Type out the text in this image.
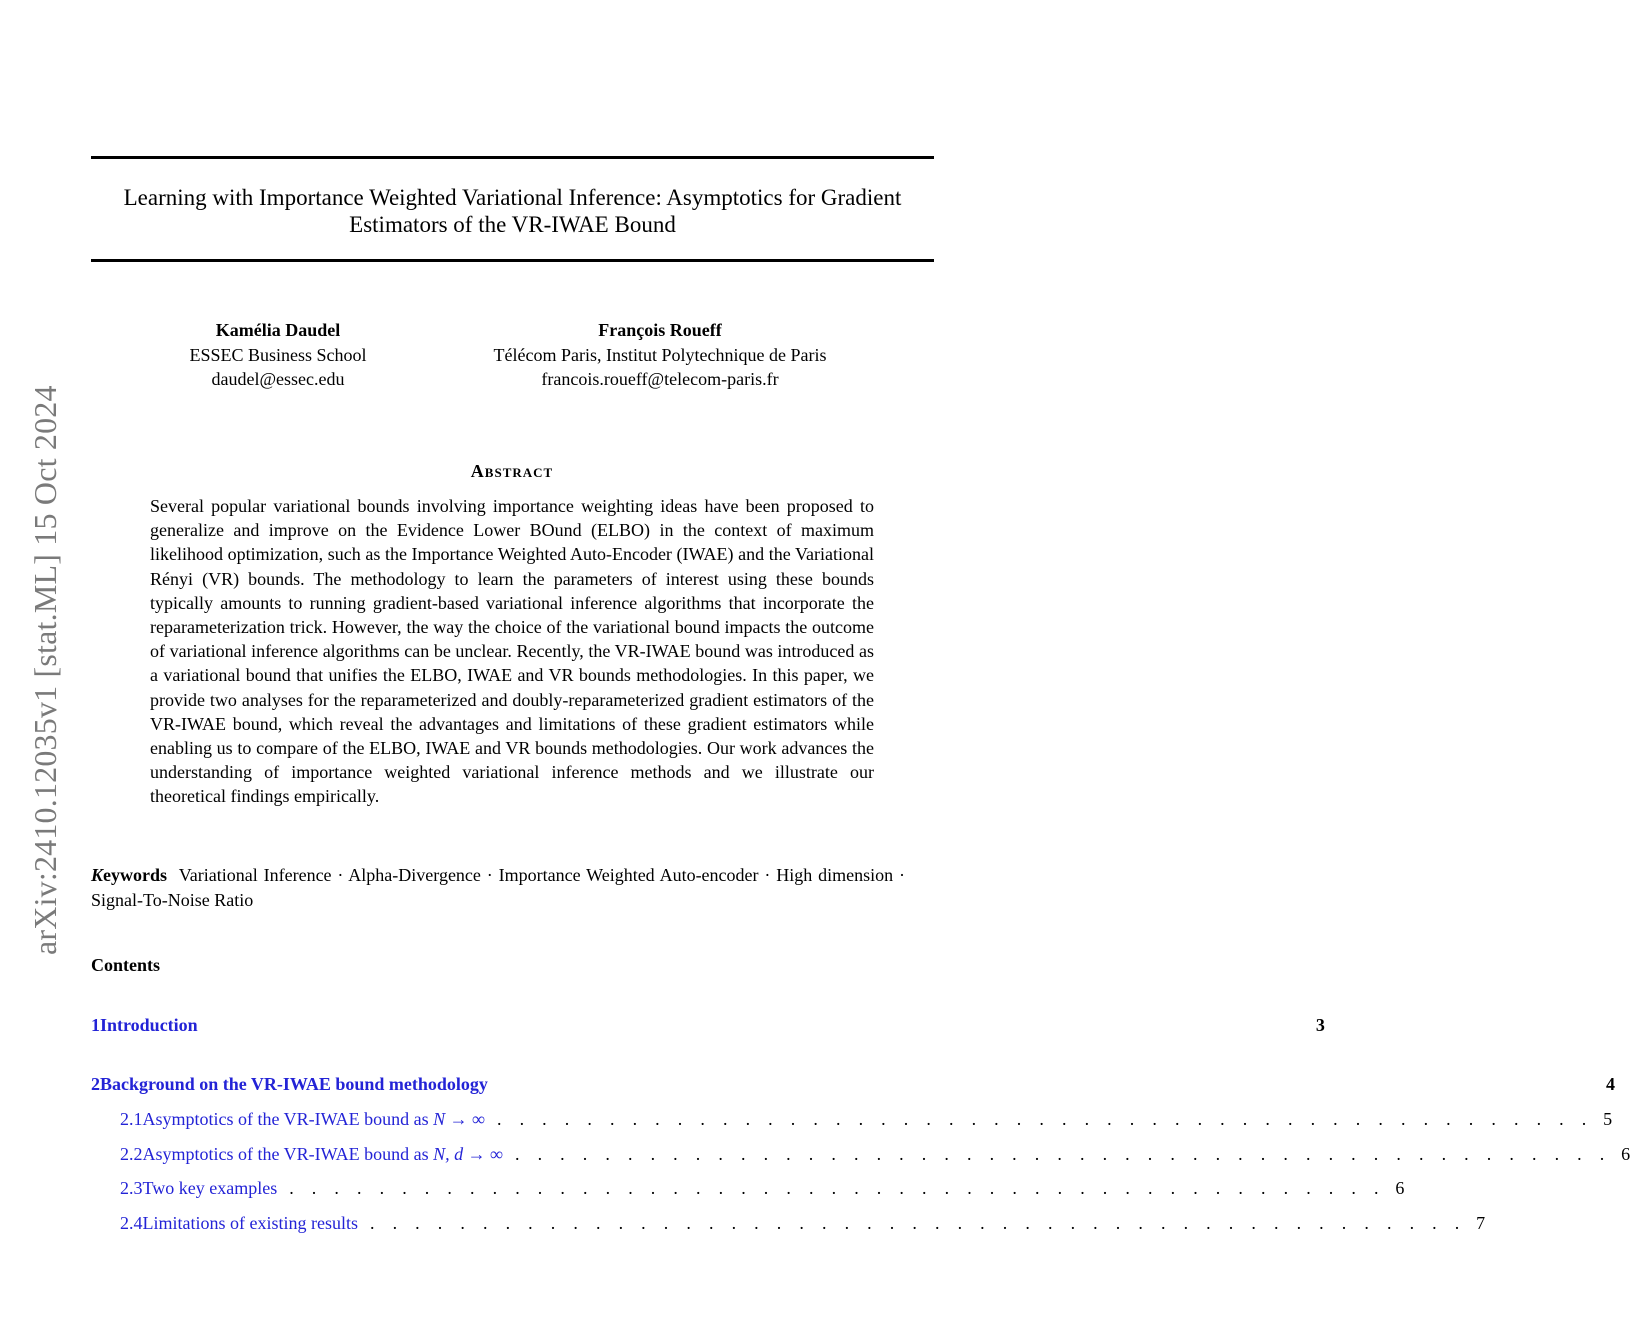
Learning with Importance Weighted Variational Inference: Asymptotics for Gradient Estimators of the VR-IWAE Bound
Kamélia Daudel
ESSEC Business School
daudel@essec.edu
François Roueff
Télécom Paris, Institut Polytechnique de Paris
francois.roueff@telecom-paris.fr
arXiv:2410.12035v1 [stat.ML] 15 Oct 2024	Abstract
Several popular variational bounds involving importance weighting ideas have been proposed to generalize and improve on the Evidence Lower BOund (ELBO) in the context of maximum likelihood optimization, such as the Importance Weighted Auto-Encoder (IWAE) and the Variational Rényi (VR) bounds. The methodology to learn the parameters of interest using these bounds typically amounts to running gradient-based variational inference algorithms that incorporate the reparameterization trick. However, the way the choice of the variational bound impacts the outcome of variational inference algorithms can be unclear. Recently, the VR-IWAE bound was introduced as a variational bound that unifies the ELBO, IWAE and VR bounds methodologies. In this paper, we provide two analyses for the reparameterized and doubly-reparameterized gradient estimators of the VR-IWAE bound, which reveal the advantages and limitations of these gradient estimators while enabling us to compare of the ELBO, IWAE and VR bounds methodologies. Our work advances the understanding of importance weighted variational inference methods and we illustrate our theoretical findings empirically.
Keywords Variational Inference · Alpha-Divergence · Importance Weighted Auto-encoder · High dimension · Signal-To-Noise Ratio
Contents
1 Introduction	3
2 Background on the VR-IWAE bound methodology	4
2.1 Asymptotics of the VR-IWAE bound as N → ∞ . . . . . . . . . . . . . . . . . . . . . . . . . . . . . . . . . . . . . . . . . . . . . . . . . 5
2.2 Asymptotics of the VR-IWAE bound as N, d → ∞ . . . . . . . . . . . . . . . . . . . . . . . . . . . . . . . . . . . . . . . . . . . . . . . . . 6
2.3 Two key examples . . . . . . . . . . . . . . . . . . . . . . . . . . . . . . . . . . . . . . . . . . . . . . . . . 6
2.4 Limitations of existing results . . . . . . . . . . . . . . . . . . . . . . . . . . . . . . . . . . . . . . . . . . . . . . . . . 7
